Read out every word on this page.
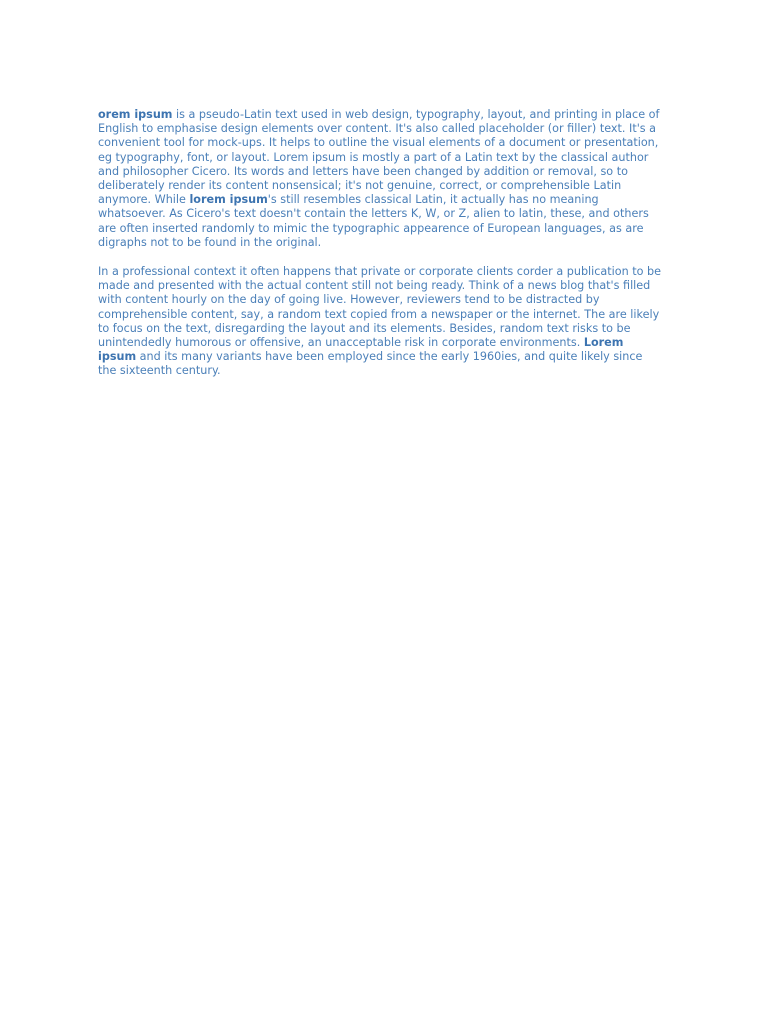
orem ipsum is a pseudo-Latin text used in web design, typography, layout, and printing in place of
English to emphasise design elements over content. It's also called placeholder (or filler) text. It's a
convenient tool for mock-ups. It helps to outline the visual elements of a document or presentation,
eg typography, font, or layout. Lorem ipsum is mostly a part of a Latin text by the classical author
and philosopher Cicero. Its words and letters have been changed by addition or removal, so to
deliberately render its content nonsensical; it's not genuine, correct, or comprehensible Latin
anymore. While lorem ipsum's still resembles classical Latin, it actually has no meaning
whatsoever. As Cicero's text doesn't contain the letters K, W, or Z, alien to latin, these, and others
are often inserted randomly to mimic the typographic appearence of European languages, as are
digraphs not to be found in the original.

In a professional context it often happens that private or corporate clients corder a publication to be
made and presented with the actual content still not being ready. Think of a news blog that's filled
with content hourly on the day of going live. However, reviewers tend to be distracted by
comprehensible content, say, a random text copied from a newspaper or the internet. The are likely
to focus on the text, disregarding the layout and its elements. Besides, random text risks to be
unintendedly humorous or offensive, an unacceptable risk in corporate environments. Lorem
ipsum and its many variants have been employed since the early 1960ies, and quite likely since
the sixteenth century.
